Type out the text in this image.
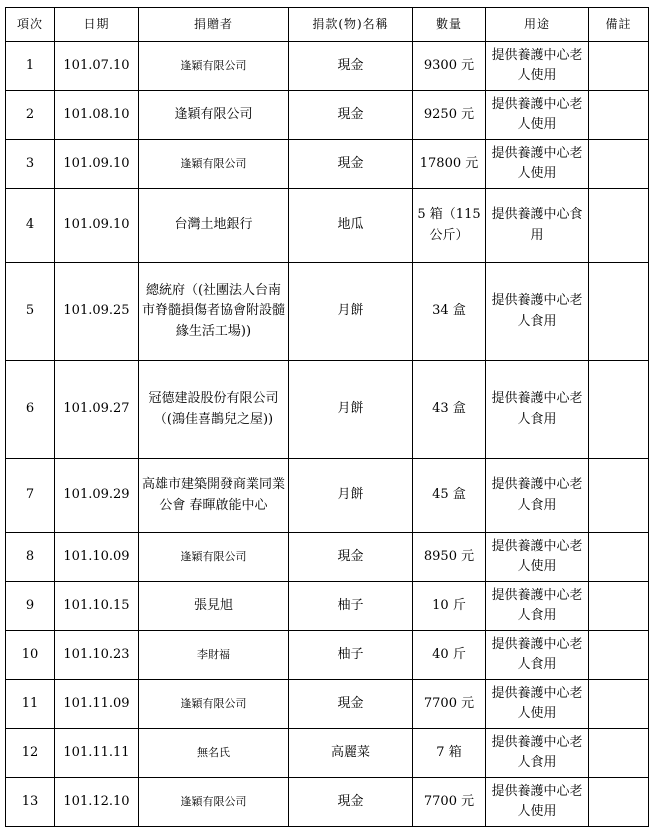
項次	日期	捐贈者	捐款(物)名稱	數量	用途	備註
1	101.07.10	逢穎有限公司	現金	9300 元	提供養護中心老人使用	
2	101.08.10	逢穎有限公司	現金	9250 元	提供養護中心老人使用	
3	101.09.10	逢穎有限公司	現金	17800 元	提供養護中心老人使用	
4	101.09.10	台灣土地銀行	地瓜	5 箱（115 公斤）	提供養護中心食用	
5	101.09.25	總統府（(社團法人台南市脊髓損傷者協會附設髓緣生活工場))	月餅	34 盒	提供養護中心老人食用	
6	101.09.27	冠德建設股份有限公司（(鴻佳喜鵲兒之屋))	月餅	43 盒	提供養護中心老人食用	
7	101.09.29	高雄市建築開發商業同業公會 春暉啟能中心	月餅	45 盒	提供養護中心老人食用	
8	101.10.09	逢穎有限公司	現金	8950 元	提供養護中心老人使用	
9	101.10.15	張見旭	柚子	10 斤	提供養護中心老人食用	
10	101.10.23	李財福	柚子	40 斤	提供養護中心老人食用	
11	101.11.09	逢穎有限公司	現金	7700 元	提供養護中心老人使用	
12	101.11.11	無名氏	高麗菜	7 箱	提供養護中心老人食用	
13	101.12.10	逢穎有限公司	現金	7700 元	提供養護中心老人使用	
